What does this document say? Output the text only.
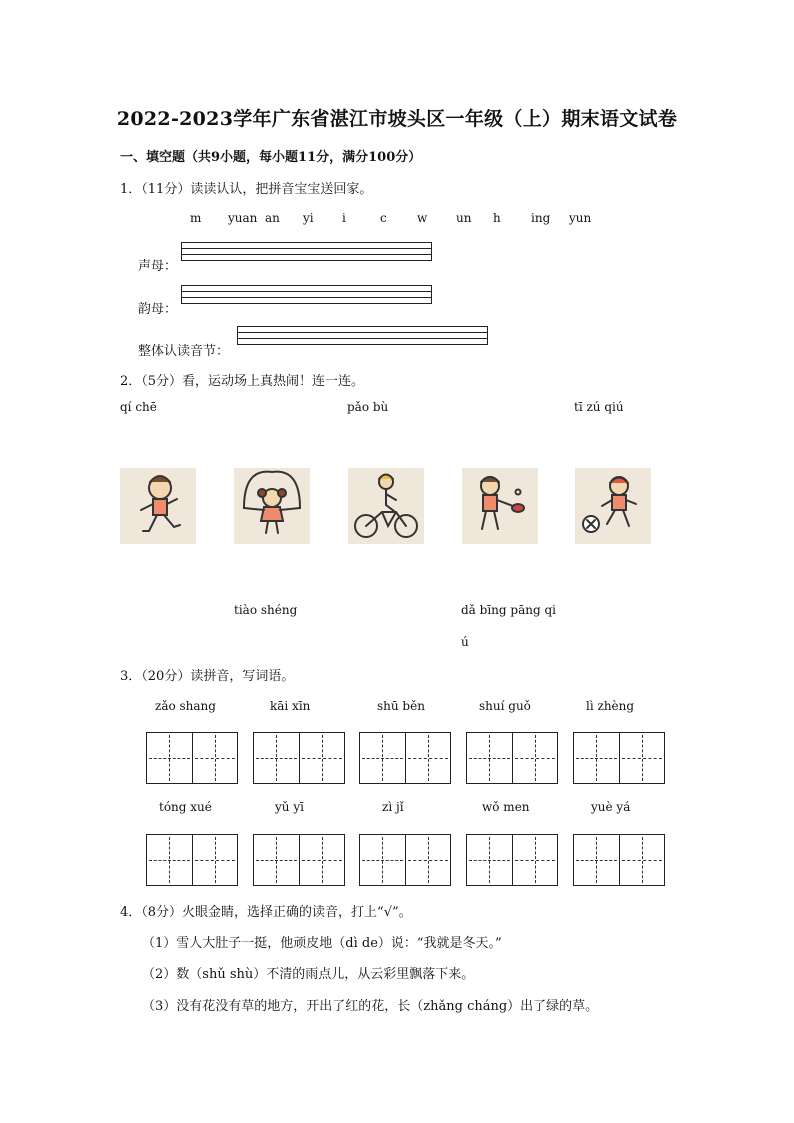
2022-2023学年广东省湛江市坡头区一年级（上）期末语文试卷
一、填空题（共9小题，每小题11分，满分100分）
1．（11分）读读认认，把拼音宝宝送回家。
m yuan an yi i	c	w un h	ing yun
声母：
韵母：
整体认读音节：
2．（5分）看，运动场上真热闹！连一连。
qí chē	pǎo bù	tī zú qiú
tiào shéng	dǎ bīng pāng qi
ú
3．（20分）读拼音，写词语。
zǎo shang	kāi xīn	shū běn	shuí guǒ	lì zhèng
tóng xué	yǔ yī	zì jǐ	wǒ men	yuè yá
4．（8分）火眼金睛，选择正确的读音，打上“√”。
（1）雪人大肚子一挺，他顽皮地（dì de）说：“我就是冬天。”
（2）数（shǔ shù）不清的雨点儿，从云彩里飘落下来。
（3）没有花没有草的地方，开出了红的花，长（zhǎng cháng）出了绿的草。
